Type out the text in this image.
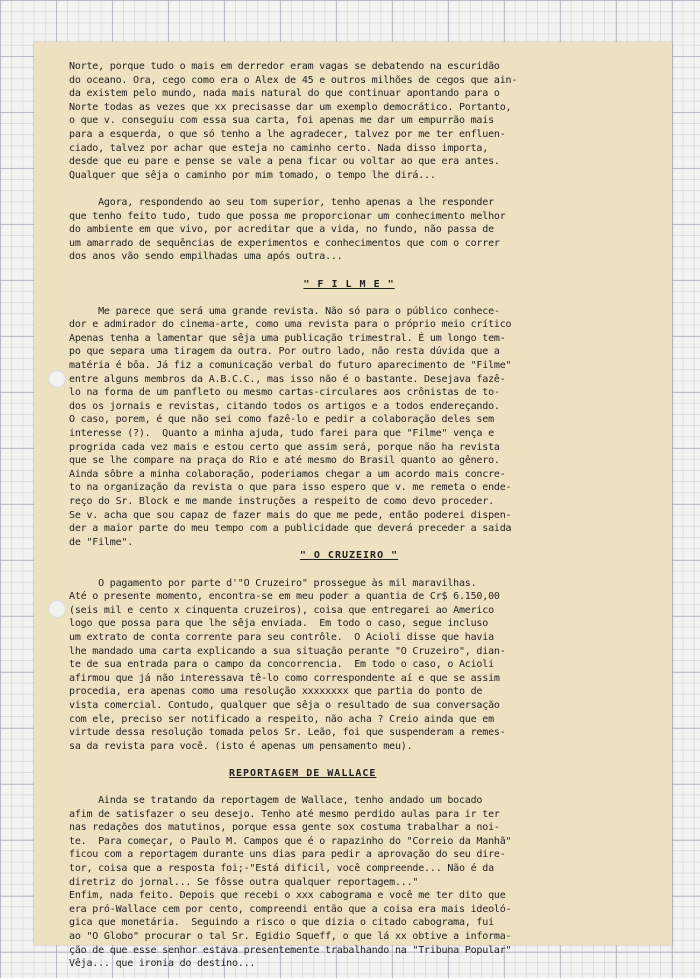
Norte, porque tudo o mais em derredor eram vagas se debatendo na escuridão
do oceano. Ora, cego como era o Alex de 45 e outros milhões de cegos que ain-
da existem pelo mundo, nada mais natural do que continuar apontando para o
Norte todas as vezes que xx precisasse dar um exemplo democrático. Portanto,
o que v. conseguiu com essa sua carta, foi apenas me dar um empurrão mais
para a esquerda, o que só tenho a lhe agradecer, talvez por me ter enfluen-
ciado, talvez por achar que esteja no caminho certo. Nada disso importa,
desde que eu pare e pense se vale a pena ficar ou voltar ao que era antes.
Qualquer que sêja o caminho por mim tomado, o tempo lhe dirá...
Agora, respondendo ao seu tom superior, tenho apenas a lhe responder
que tenho feito tudo, tudo que possa me proporcionar um conhecimento melhor
do ambiente em que vivo, por acreditar que a vida, no fundo, não passa de
um amarrado de sequências de experimentos e conhecimentos que com o correr
dos anos vão sendo empilhadas uma após outra...
" F I L M E "
Me parece que será uma grande revista. Não só para o público conhece-
dor e admirador do cinema-arte, como uma revista para o próprio meio crítico
Apenas tenha a lamentar que sêja uma publicação trimestral. É um longo tem-
po que separa uma tiragem da outra. Por outro lado, não resta dúvida que a
matéria é bôa. Já fiz a comunicação verbal do futuro aparecimento de "Filme"
entre alguns membros da A.B.C.C., mas isso não é o bastante. Desejava fazê-
lo na forma de um panfleto ou mesmo cartas-circulares aos crônistas de to-
dos os jornais e revistas, citando todos os artigos e a todos endereçando.
O caso, porem, é que não sei como fazê-lo e pedir a colaboração deles sem
interesse (?).  Quanto a minha ajuda, tudo farei para que "Filme" vença e
progrida cada vez mais e estou certo que assim será, porque não ha revista
que se lhe compare na praça do Rio e até mesmo do Brasil quanto ao gênero.
Ainda sôbre a minha colaboração, poderiamos chegar a um acordo mais concre-
to na organização da revista o que para isso espero que v. me remeta o ende-
reço do Sr. Block e me mande instruções a respeito de como devo proceder.
Se v. acha que sou capaz de fazer mais do que me pede, então poderei dispen-
der a maior parte do meu tempo com a publicidade que deverá preceder a saida
de "Filme".
" O CRUZEIRO "
O pagamento por parte d'"O Cruzeiro" prossegue às mil maravilhas.
Até o presente momento, encontra-se em meu poder a quantia de Cr$ 6.150,00
(seis mil e cento x cinquenta cruzeiros), coisa que entregarei ao Americo
logo que possa para que lhe sêja enviada.  Em todo o caso, segue incluso
um extrato de conta corrente para seu contrôle.  O Acioli disse que havia
lhe mandado uma carta explicando a sua situação perante "O Cruzeiro", dian-
te de sua entrada para o campo da concorrencia.  Em todo o caso, o Acioli
afirmou que já não interessava tê-lo como correspondente aí e que se assim
procedia, era apenas como uma resolução xxxxxxxx que partia do ponto de
vista comercial. Contudo, qualquer que sêja o resultado de sua conversação
com ele, preciso ser notificado a respeito, não acha ? Creio ainda que em
virtude dessa resolução tomada pelos Sr. Leão, foi que suspenderam a remes-
sa da revista para você. (isto é apenas um pensamento meu).
REPORTAGEM DE WALLACE
Ainda se tratando da reportagem de Wallace, tenho andado um bocado
afim de satisfazer o seu desejo. Tenho até mesmo perdido aulas para ir ter
nas redações dos matutinos, porque essa gente sox costuma trabalhar a noi-
te.  Para começar, o Paulo M. Campos que é o rapazinho do "Correio da Manhã"
ficou com a reportagem durante uns dias para pedir a aprovação do seu dire-
tor, coisa que a resposta foi;-"Está dificil, você compreende... Não é da
diretriz do jornal... Se fôsse outra qualquer reportagem..."
Enfim, nada feito. Depois que recebi o xxx cabograma e você me ter dito que
era pró-Wallace cem por cento, compreendi então que a coisa era mais ideoló-
gica que monetária.  Seguindo a risco o que dizia o citado cabograma, fui
ao "O Globo" procurar o tal Sr. Egidio Squeff, o que lá xx obtive a informa-
ção de que esse senhor estava presentemente trabalhando na "Tribuna Popular"
Vêja... que ironia do destino...
